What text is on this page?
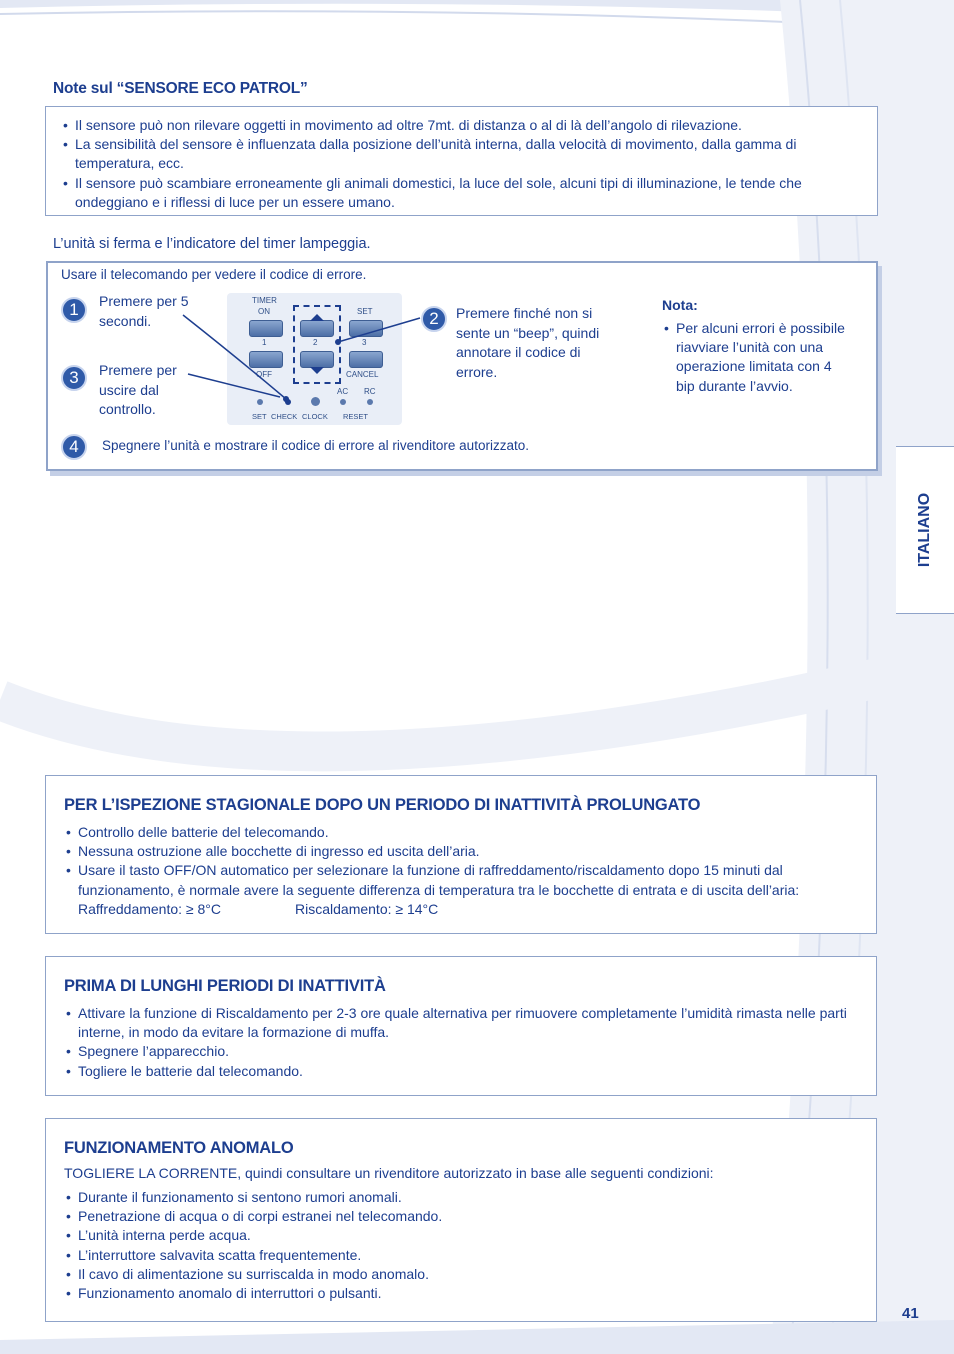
Note sul “SENSORE ECO PATROL”
• Il sensore può non rilevare oggetti in movimento ad oltre 7mt. di distanza o al di là dell’angolo di rilevazione.
• La sensibilità del sensore è influenzata dalla posizione dell’unità interna, dalla velocità di movimento, dalla gamma di temperatura, ecc.
• Il sensore può scambiare erroneamente gli animali domestici, la luce del sole, alcuni tipi di illuminazione, le tende che ondeggiano e i riflessi di luce per un essere umano.
L’unità si ferma e l’indicatore del timer lampeggia.
Usare il telecomando per vedere il codice di errore.
1	Premere per 5 secondi.
3	Premere per uscire dal controllo.
2	Premere finché non si sente un “beep”, quindi annotare il codice di errore.
4	Spegnere l’unità e mostrare il codice di errore al rivenditore autorizzato.
Nota:
• Per alcuni errori è possibile riavviare l’unità con una operazione limitata con 4 bip durante l’avvio.
TIMER
ON	SET
1	2	3
OFF	CANCEL
AC RC
SET CHECK CLOCK RESET
ITALIANO
PER L’ISPEZIONE STAGIONALE DOPO UN PERIODO DI INATTIVITÀ PROLUNGATO
• Controllo delle batterie del telecomando.
• Nessuna ostruzione alle bocchette di ingresso ed uscita dell’aria.
• Usare il tasto OFF/ON automatico per selezionare la funzione di raffreddamento/riscaldamento dopo 15 minuti dal funzionamento, è normale avere la seguente differenza di temperatura tra le bocchette di entrata e di uscita dell’aria:
Raffreddamento: ≥ 8°C	Riscaldamento: ≥ 14°C
PRIMA DI LUNGHI PERIODI DI INATTIVITÀ
• Attivare la funzione di Riscaldamento per 2-3 ore quale alternativa per rimuovere completamente l’umidità rimasta nelle parti interne, in modo da evitare la formazione di muffa.
• Spegnere l’apparecchio.
• Togliere le batterie dal telecomando.
FUNZIONAMENTO ANOMALO
TOGLIERE LA CORRENTE, quindi consultare un rivenditore autorizzato in base alle seguenti condizioni:
• Durante il funzionamento si sentono rumori anomali.
• Penetrazione di acqua o di corpi estranei nel telecomando.
• L’unità interna perde acqua.
• L’interruttore salvavita scatta frequentemente.
• Il cavo di alimentazione su surriscalda in modo anomalo.
• Funzionamento anomalo di interruttori o pulsanti.
41
